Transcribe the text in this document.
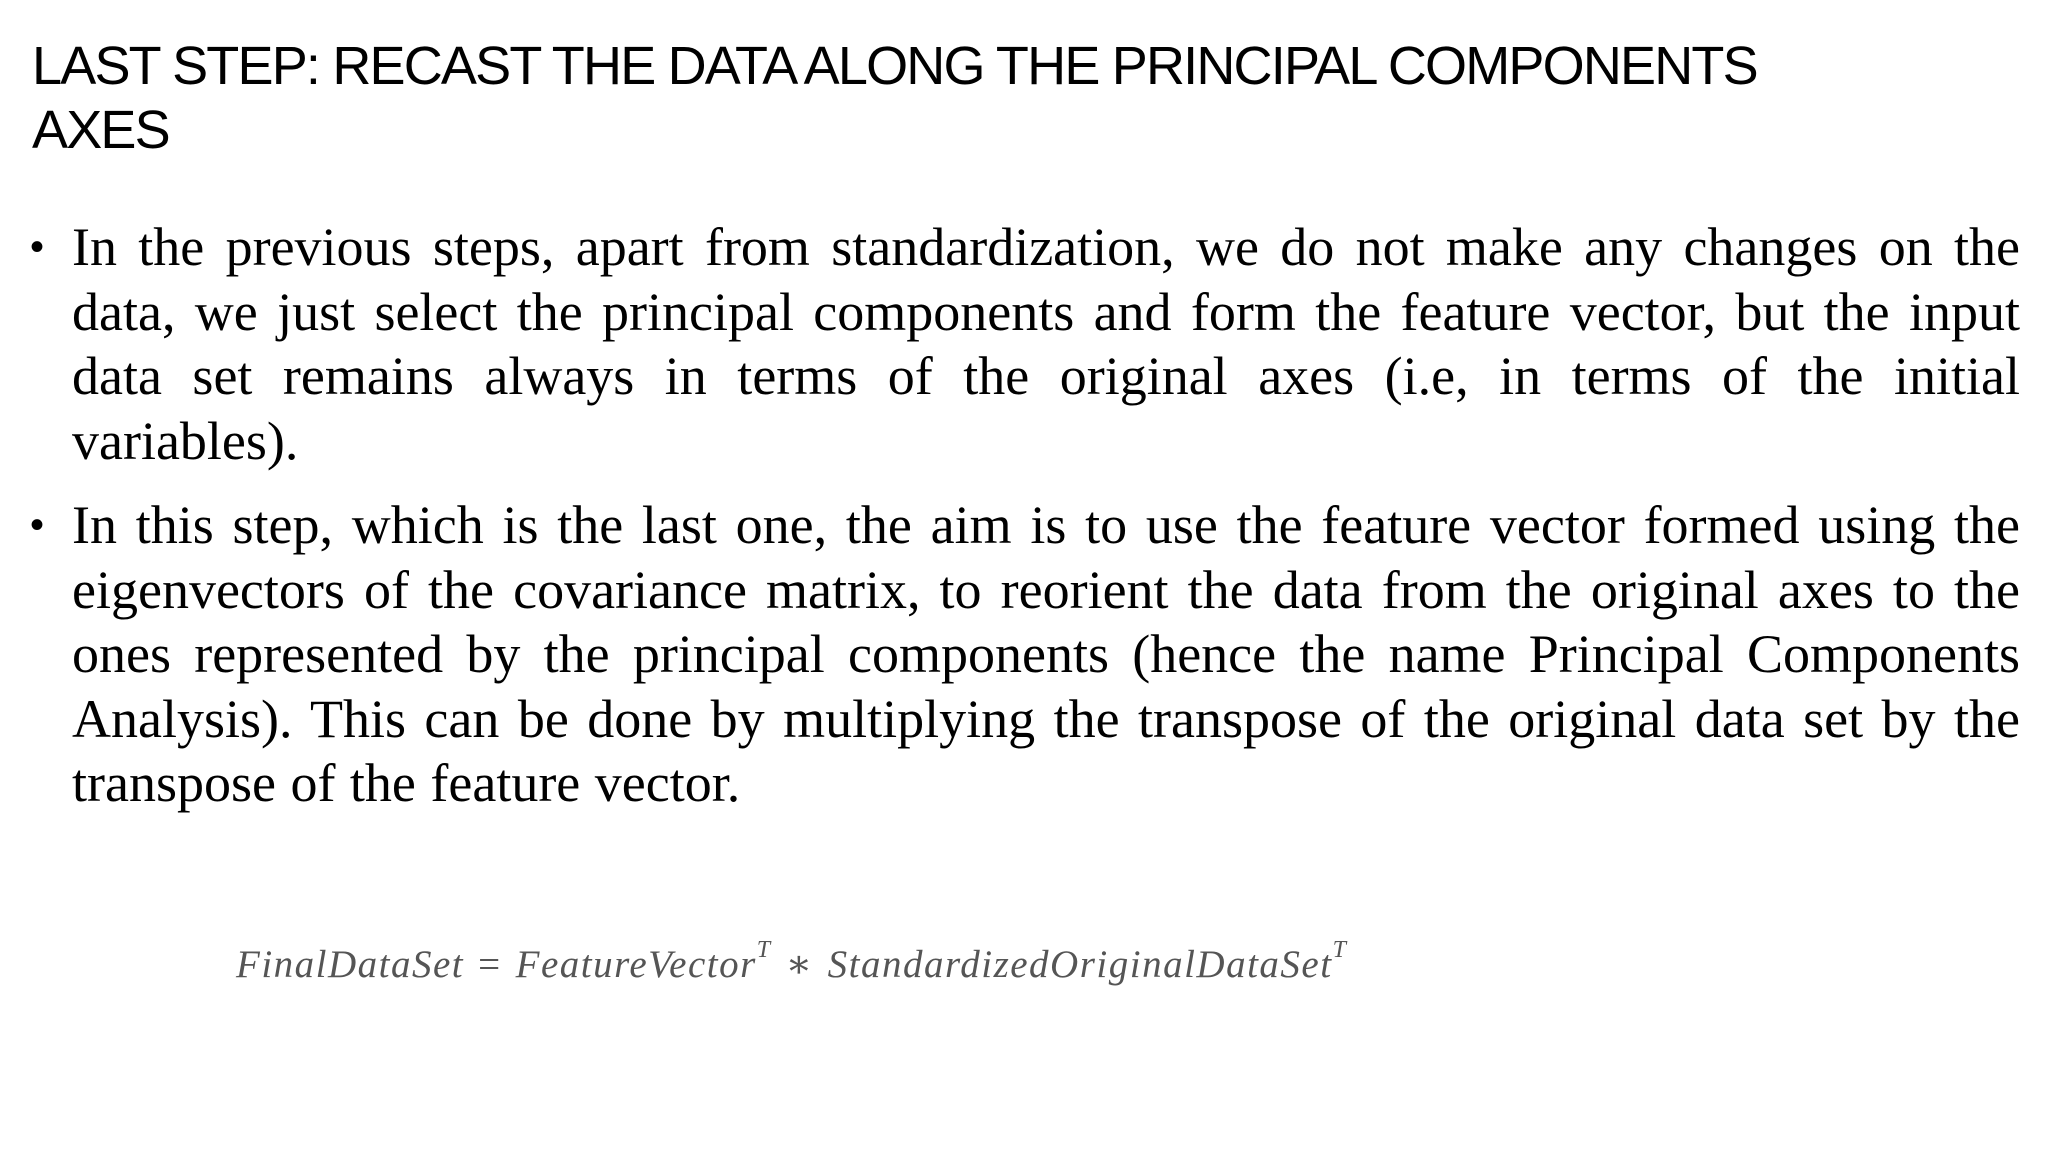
LAST STEP: RECAST THE DATA ALONG THE PRINCIPAL COMPONENTS
AXES
• In the previous steps, apart from standardization, we do not make any changes on the data, we just select the principal components and form the feature vector, but the input data set remains always in terms of the original axes (i.e, in terms of the initial variables).
• In this step, which is the last one, the aim is to use the feature vector formed using the eigenvectors of the covariance matrix, to reorient the data from the original axes to the ones represented by the principal components (hence the name Principal Components Analysis). This can be done by multiplying the transpose of the original data set by the transpose of the feature vector.
FinalDataSet = FeatureVector$^T$ ∗ StandardizedOriginalDataSet$^T$
